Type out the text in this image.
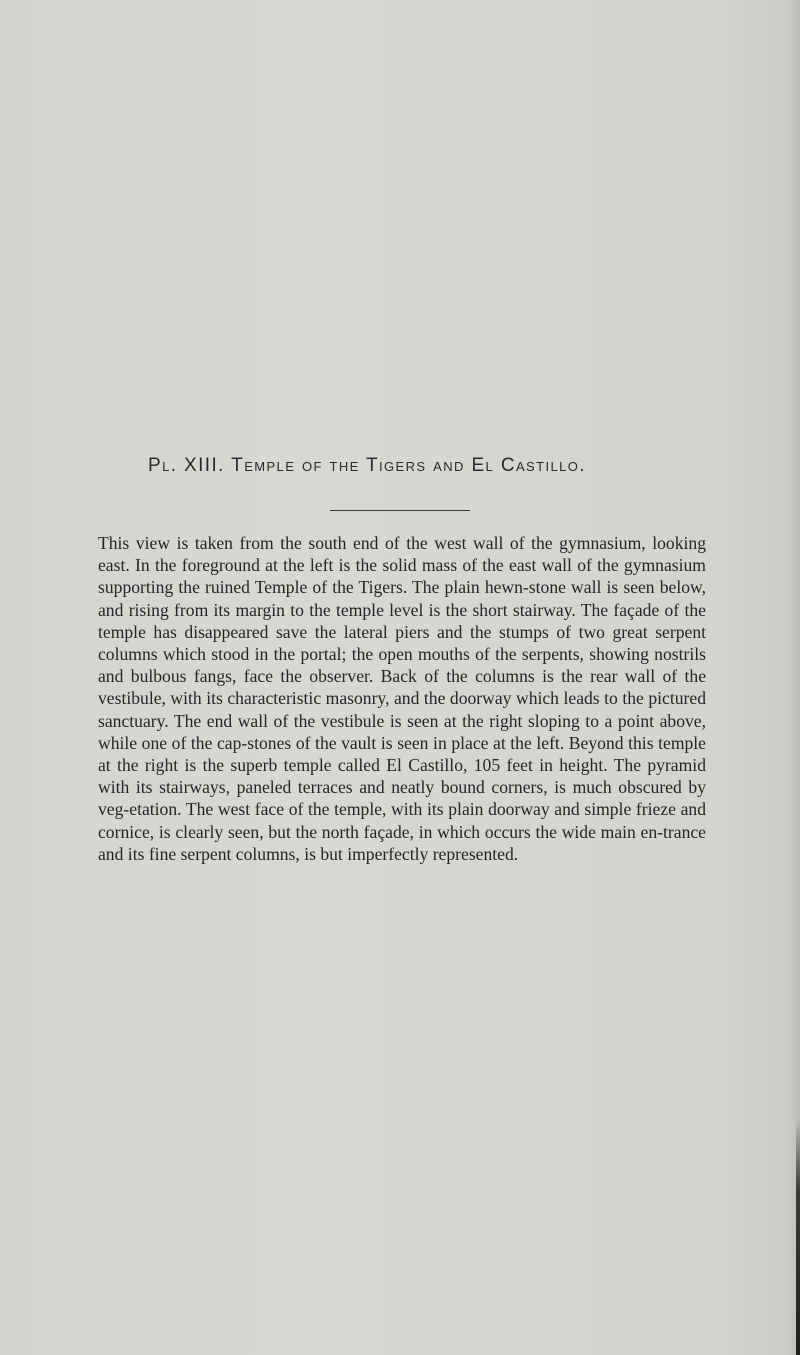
Pl. XIII. Temple of the Tigers and El Castillo.

This view is taken from the south end of the west wall of the gymnasium, looking east. In the foreground at the left is the solid mass of the east wall of the gymnasium supporting the ruined Temple of the Tigers. The plain hewn-stone wall is seen below, and rising from its margin to the temple level is the short stairway. The façade of the temple has disappeared save the lateral piers and the stumps of two great serpent columns which stood in the portal; the open mouths of the serpents, showing nostrils and bulbous fangs, face the observer. Back of the columns is the rear wall of the vestibule, with its characteristic masonry, and the doorway which leads to the pictured sanctuary. The end wall of the vestibule is seen at the right sloping to a point above, while one of the cap-stones of the vault is seen in place at the left. Beyond this temple at the right is the superb temple called El Castillo, 105 feet in height. The pyramid with its stairways, paneled terraces and neatly bound corners, is much obscured by veg-etation. The west face of the temple, with its plain doorway and simple frieze and cornice, is clearly seen, but the north façade, in which occurs the wide main en-trance and its fine serpent columns, is but imperfectly represented.
